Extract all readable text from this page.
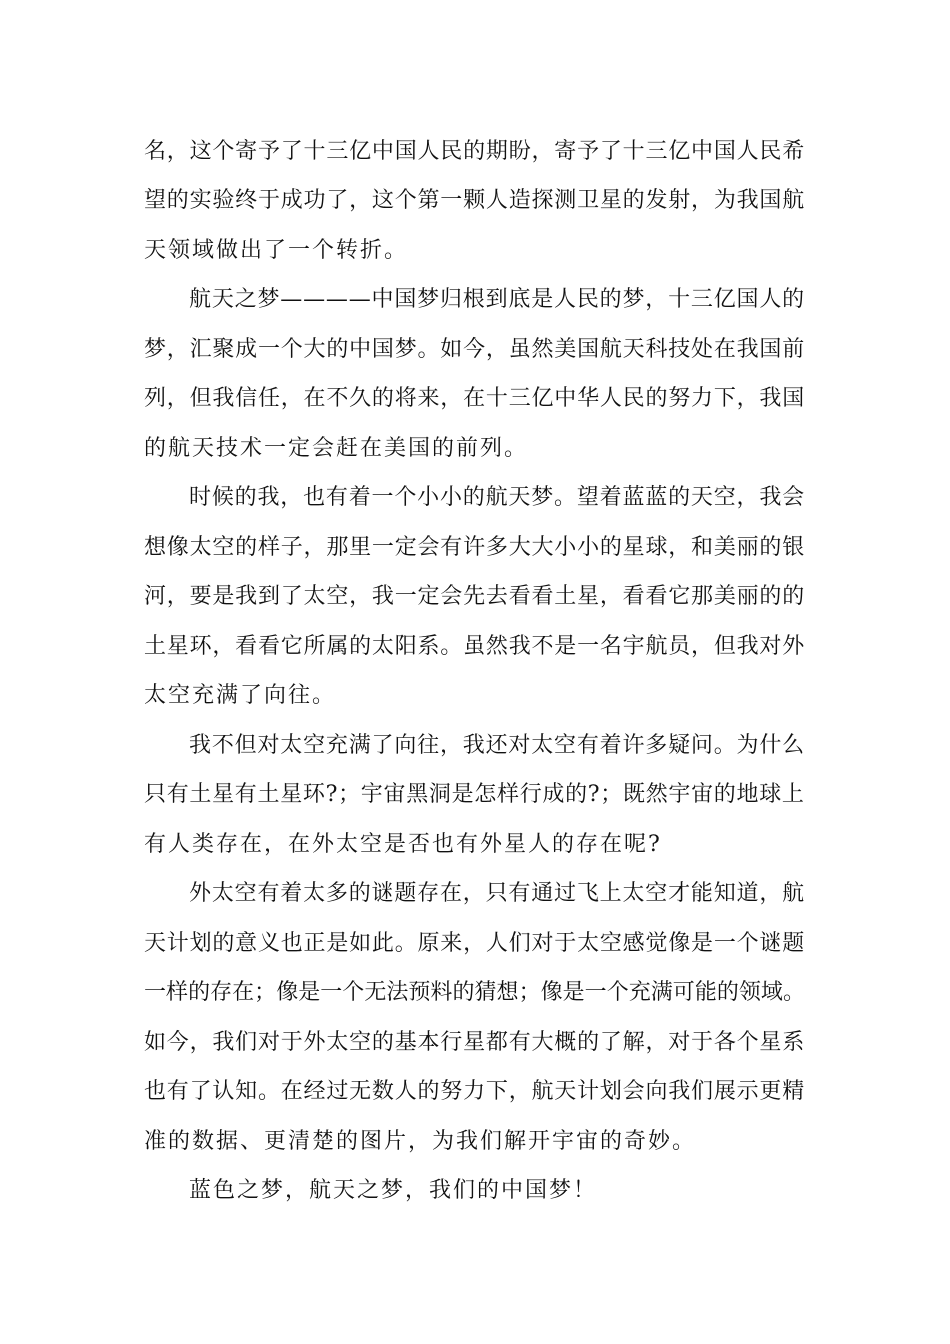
名，这个寄予了十三亿中国人民的期盼，寄予了十三亿中国人民希
望的实验终于成功了，这个第一颗人造探测卫星的发射，为我国航
天领域做出了一个转折。
航天之梦————中国梦归根到底是人民的梦，十三亿国人的
梦，汇聚成一个大的中国梦。如今，虽然美国航天科技处在我国前
列，但我信任，在不久的将来，在十三亿中华人民的努力下，我国
的航天技术一定会赶在美国的前列。
时候的我，也有着一个小小的航天梦。望着蓝蓝的天空，我会
想像太空的样子，那里一定会有许多大大小小的星球，和美丽的银
河，要是我到了太空，我一定会先去看看土星，看看它那美丽的的
土星环，看看它所属的太阳系。虽然我不是一名宇航员，但我对外
太空充满了向往。
我不但对太空充满了向往，我还对太空有着许多疑问。为什么
只有土星有土星环?；宇宙黑洞是怎样行成的?；既然宇宙的地球上
有人类存在，在外太空是否也有外星人的存在呢?
外太空有着太多的谜题存在，只有通过飞上太空才能知道，航
天计划的意义也正是如此。原来，人们对于太空感觉像是一个谜题
一样的存在；像是一个无法预料的猜想；像是一个充满可能的领域。
如今，我们对于外太空的基本行星都有大概的了解，对于各个星系
也有了认知。在经过无数人的努力下，航天计划会向我们展示更精
准的数据、更清楚的图片，为我们解开宇宙的奇妙。
蓝色之梦，航天之梦，我们的中国梦！
